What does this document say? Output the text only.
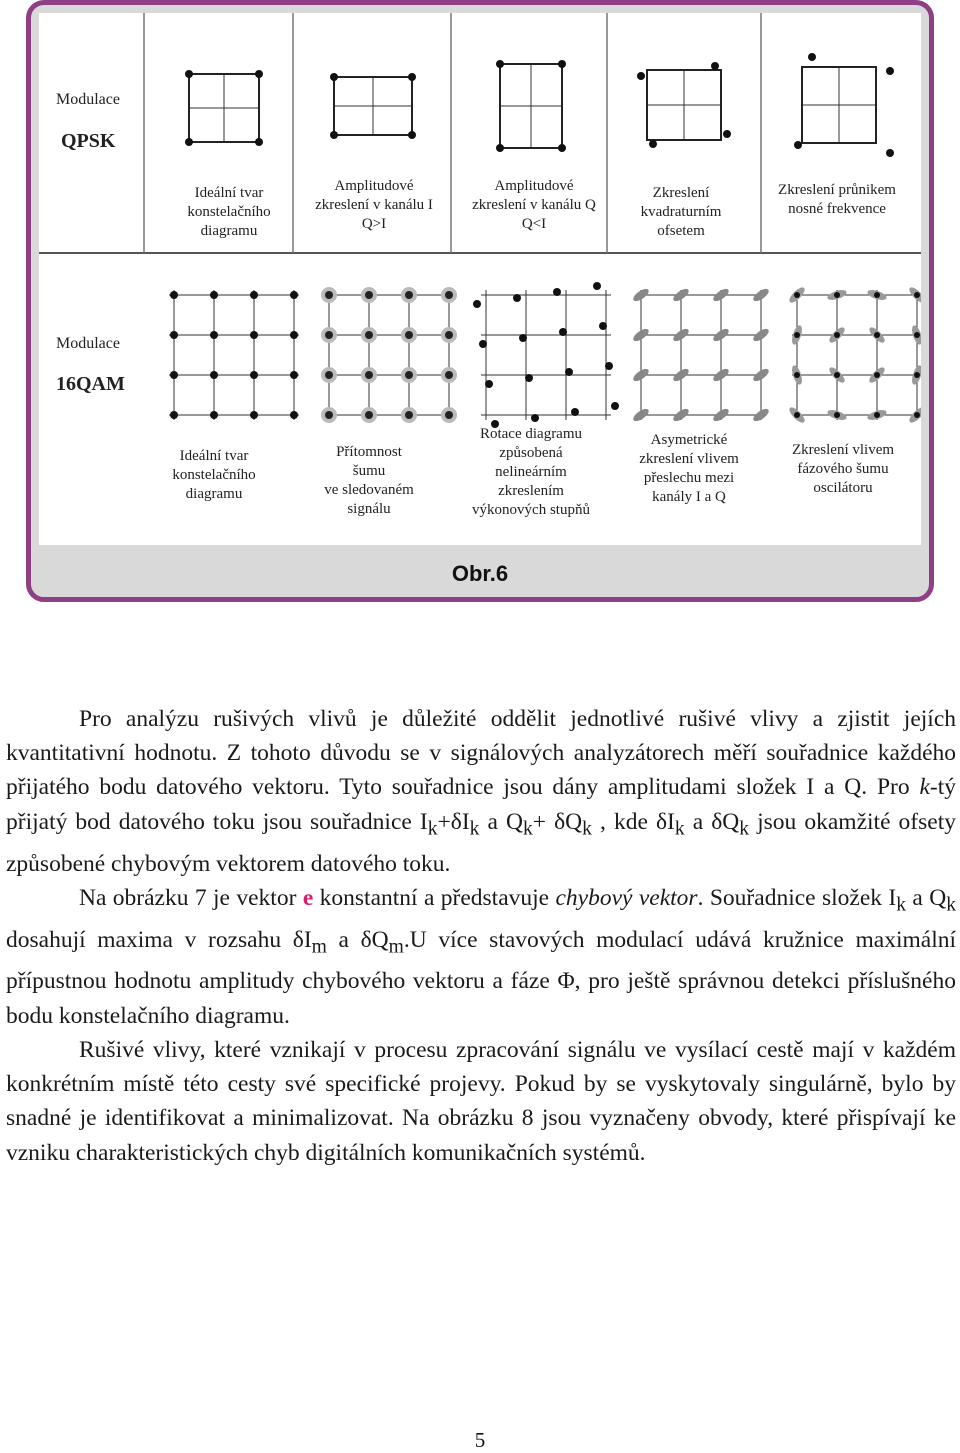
Modulace
QPSK
Ideální tvar
konstelačního
diagramu
Amplitudové
zkreslení v kanálu I
Q>I
Amplitudové
zkreslení v kanálu Q
Q<I
Zkreslení
kvadraturním
ofsetem
Zkreslení průnikem
nosné frekvence
Modulace
16QAM
Ideální tvar
konstelačního
diagramu
Přítomnost
šumu
ve sledovaném
signálu
Rotace diagramu
způsobená
nelineárním
zkreslením
výkonových stupňů
Asymetrické
zkreslení vlivem
přeslechu mezi
kanály I a Q
Zkreslení vlivem
fázového šumu
oscilátoru
Obr.6

Pro analýzu rušivých vlivů je důležité oddělit jednotlivé rušivé vlivy a zjistit jejích kvantitativní hodnotu. Z tohoto důvodu se v signálových analyzátorech měří souřadnice každého přijatého bodu datového vektoru. Tyto souřadnice jsou dány amplitudami složek I a Q. Pro k-tý přijatý bod datového toku jsou souřadnice $I_k+\delta I_k$ a $Q_k+ \delta Q_k$ , kde $\delta I_k$ a $\delta Q_k$ jsou okamžité ofsety způsobené chybovým vektorem datového toku.

Na obrázku 7 je vektor e konstantní a představuje chybový vektor. Souřadnice složek $I_k$ a $Q_k$ dosahují maxima v rozsahu $\delta I_m$ a $\delta Q_m.U$ více stavových modulací udává kružnice maximální přípustnou hodnotu amplitudy chybového vektoru a fáze Φ, pro ještě správnou detekci příslušného bodu konstelačního diagramu.

Rušivé vlivy, které vznikají v procesu zpracování signálu ve vysílací cestě mají v každém konkrétním místě této cesty své specifické projevy. Pokud by se vyskytovaly singulárně, bylo by snadné je identifikovat a minimalizovat. Na obrázku 8 jsou vyznačeny obvody, které přispívají ke vzniku charakteristických chyb digitálních komunikačních systémů.

5
